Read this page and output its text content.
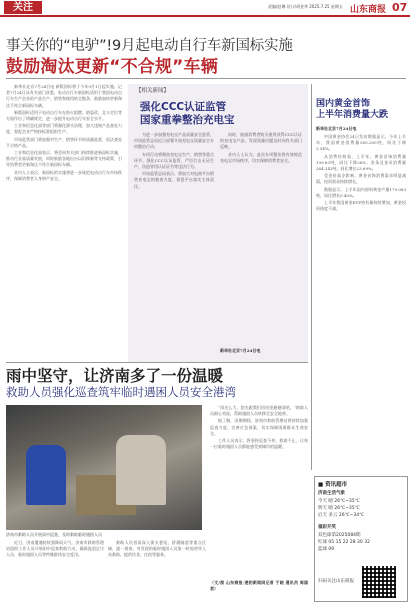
关注	责编/赵琳 设计/胡金华 2025.7.25 星期五 山东商报 07
事关你的“电驴”!9月起电动自行车新国标实施
鼓励淘汰更新“不合规”车辆

新华社北京7月24日电 新版国标将于今年9月1日起实施。记者7月24日从有关部门获悉，电动自行车新国标适用于我国电动自行车生产企业的产品生产、销售和使用的全链条，鼓励加快更新淘汰不符合新国标车辆。

新版国标适用于电动自行车在防火阻燃、防篡改、北斗定位等方面作出了明确规定，进一步提升电动自行车安全水平。

工业和信息化部等部门将强化源头治理，加大违规产品查处力度，督促企业严格按标准组织生产。

市场监管部门将加强对生产、销售环节的质量监督，依法查处不合格产品。

工业和信息化部表示，将会同有关部门持续推进新国标实施，推动行业高质量发展，同时鼓励各地出台以旧换新等支持政策，引导消费者更新淘汰不符合新国标车辆。

业内人士表示，新国标的实施将进一步规范电动自行车市场秩序，保障消费者人身财产安全。

【相关新闻】
强化CCC认证监管
国家重拳整治充电宝

为进一步加强充电宝产品质量安全监管，市场监管总局近日部署开展充电宝质量安全专项整治行动。

专项行动将聚焦充电宝生产、销售等重点环节，强化CCC认证监管，严厉打击无证生产、伪造冒用认证证书等违法行为。

市场监管总局表示，将加大对电商平台销售充电宝的抽查力度，督促平台落实主体责任。

同时，鼓励消费者购买使用获得CCC认证的充电宝产品，发现质量问题及时向有关部门反映。

业内人士认为，此次专项整治将有效规范充电宝市场秩序，切实保障消费者安全。

新华社北京7月24日电
国内黄金首饰
上半年消费量大跌
新华社北京7月24日电

中国黄金协会24日发布数据显示，今年上半年，我国黄金消费量505.205吨，同比下降3.54%。

从消费结构看，上半年，黄金首饰消费量199.83吨，同比下降26%；金条及金币消费量264.242吨，同比增长23.69%。

受金价高企影响，黄金首饰消费需求明显减弱，投资需求持续增长。

数据显示，上半年国内原料黄金产量179.083吨，同比增长0.40%。

上半年我国黄金ETF持有量持续增加，黄金投资热度不减。

雨中坚守，让济南多了一份温暖
救助人员强化巡查筑牢临时遇困人员安全港湾
济南市救助人员开展雨中巡查，及时救助临时遇困人员

近日，济南遭遇持续强降雨天气。济南市救助管理站组织工作人员开展雨中巡查救助行动，确保流浪乞讨人员、临时遇困人员等特殊群体安全度汛。

救助人员冒雨深入街头巷尾、桥涵隧道等重点区域，逐一排查，对发现的临时遇困人员第一时间劝导入站救助，提供饮食、住宿等服务。

“雨这么大，您先跟我们回站里避避雨吧。”救助人员耐心劝说，帮助遇困人员转移至安全地带。

据了解，汛期期间，济南市救助管理站将持续加强巡查力度，完善应急预案，切实保障困难群众生命安全。

工作人员表示，将坚持巡查不停、救助不止，让每一位临时遇困人员都能感受到城市的温暖。

（文/图 山东商报·速豹新闻网记者 于晓 通讯员 周国君）
■ 资讯超市
济南生活气象
今天 晴 26℃~35℃
明天 晴 26℃~35℃
后天 多云 26℃~34℃
福彩开奖
双色球第2025084期
红球 05 15 22 28 30 32
蓝球 09
扫码关注山东商报
